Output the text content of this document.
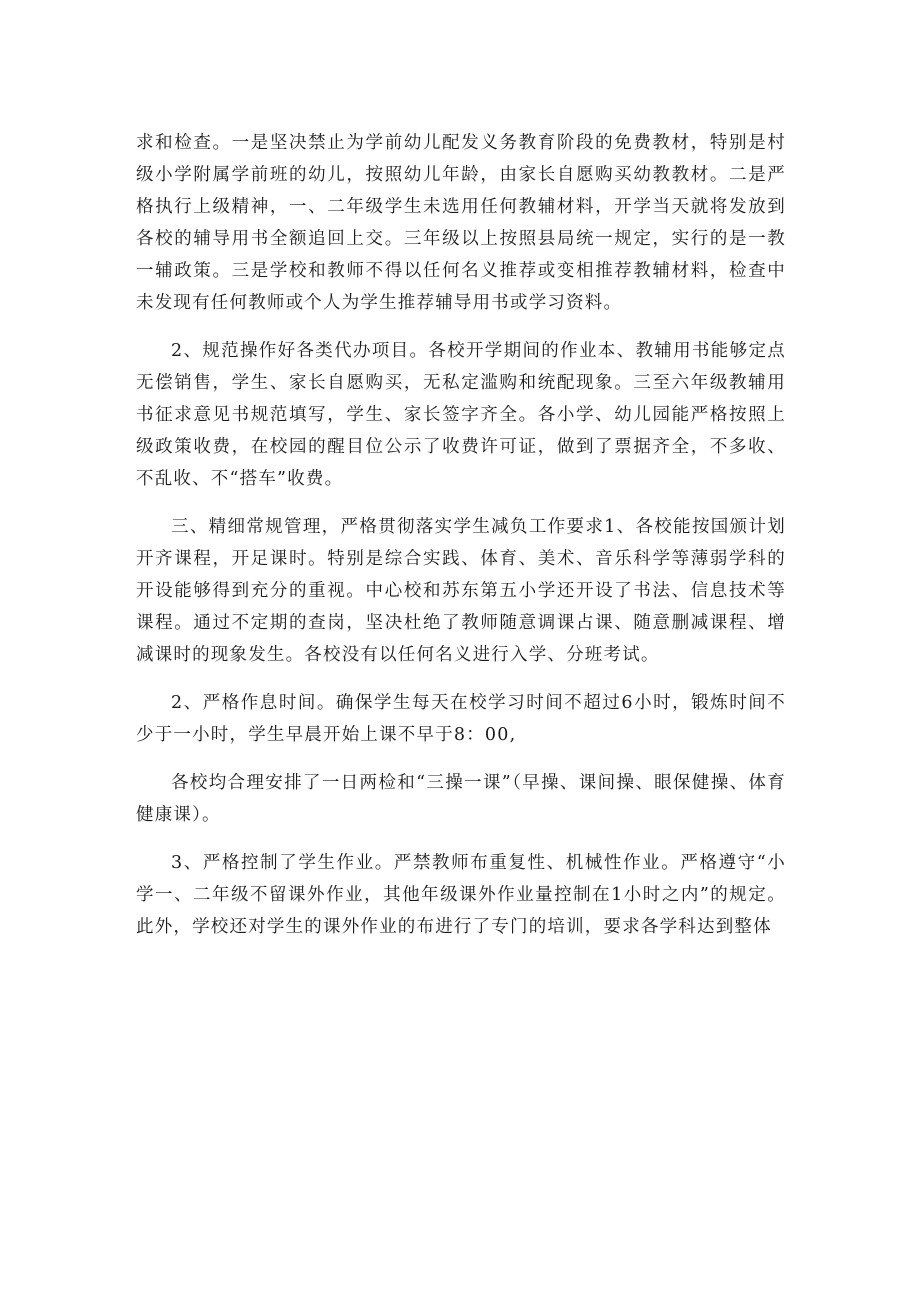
求和检查。一是坚决禁止为学前幼儿配发义务教育阶段的免费教材，特别是村级小学附属学前班的幼儿，按照幼儿年龄，由家长自愿购买幼教教材。二是严格执行上级精神，一、二年级学生未选用任何教辅材料，开学当天就将发放到各校的辅导用书全额追回上交。三年级以上按照县局统一规定，实行的是一教一辅政策。三是学校和教师不得以任何名义推荐或变相推荐教辅材料，检查中未发现有任何教师或个人为学生推荐辅导用书或学习资料。

2、规范操作好各类代办项目。各校开学期间的作业本、教辅用书能够定点无偿销售，学生、家长自愿购买，无私定滥购和统配现象。三至六年级教辅用书征求意见书规范填写，学生、家长签字齐全。各小学、幼儿园能严格按照上级政策收费，在校园的醒目位公示了收费许可证，做到了票据齐全，不多收、不乱收、不“搭车”收费。

三、精细常规管理，严格贯彻落实学生减负工作要求1、各校能按国颁计划开齐课程，开足课时。特别是综合实践、体育、美术、音乐科学等薄弱学科的开设能够得到充分的重视。中心校和苏东第五小学还开设了书法、信息技术等课程。通过不定期的查岗，坚决杜绝了教师随意调课占课、随意删减课程、增减课时的现象发生。各校没有以任何名义进行入学、分班考试。

2、严格作息时间。确保学生每天在校学习时间不超过6小时，锻炼时间不少于一小时，学生早晨开始上课不早于8：00,

各校均合理安排了一日两检和“三操一课”（早操、课间操、眼保健操、体育健康课）。

3、严格控制了学生作业。严禁教师布重复性、机械性作业。严格遵守“小学一、二年级不留课外作业，其他年级课外作业量控制在1小时之内”的规定。此外，学校还对学生的课外作业的布进行了专门的培训，要求各学科达到整体
